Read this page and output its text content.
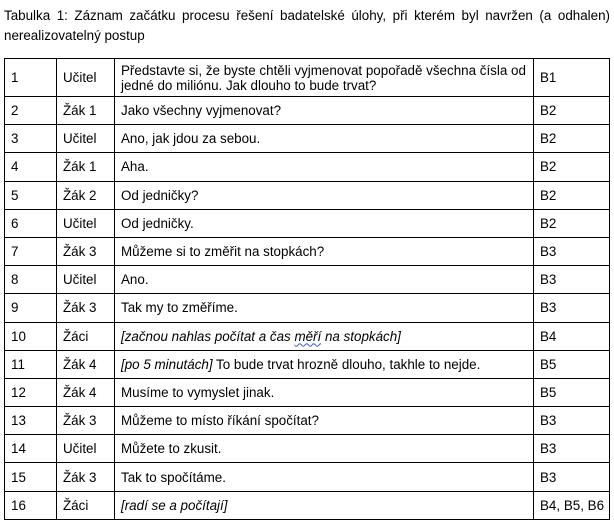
Tabulka 1: Záznam začátku procesu řešení badatelské úlohy, při kterém byl navržen (a odhalen) nerealizovatelný postup
1	Učitel	Představte si, že byste chtěli vyjmenovat popořadě všechna čísla od jedné do miliónu. Jak dlouho to bude trvat?	B1
2	Žák 1	Jako všechny vyjmenovat?	B2
3	Učitel	Ano, jak jdou za sebou.	B2
4	Žák 1	Aha.	B2
5	Žák 2	Od jedničky?	B2
6	Učitel	Od jedničky.	B2
7	Žák 3	Můžeme si to změřit na stopkách?	B3
8	Učitel	Ano.	B3
9	Žák 3	Tak my to změříme.	B3
10	Žáci	[začnou nahlas počítat a čas měří na stopkách]	B4
11	Žák 4	[po 5 minutách] To bude trvat hrozně dlouho, takhle to nejde.	B5
12	Žák 4	Musíme to vymyslet jinak.	B5
13	Žák 3	Můžeme to místo říkání spočítat?	B3
14	Učitel	Můžete to zkusit.	B3
15	Žák 3	Tak to spočítáme.	B3
16	Žáci	[radí se a počítají]	B4, B5, B6
